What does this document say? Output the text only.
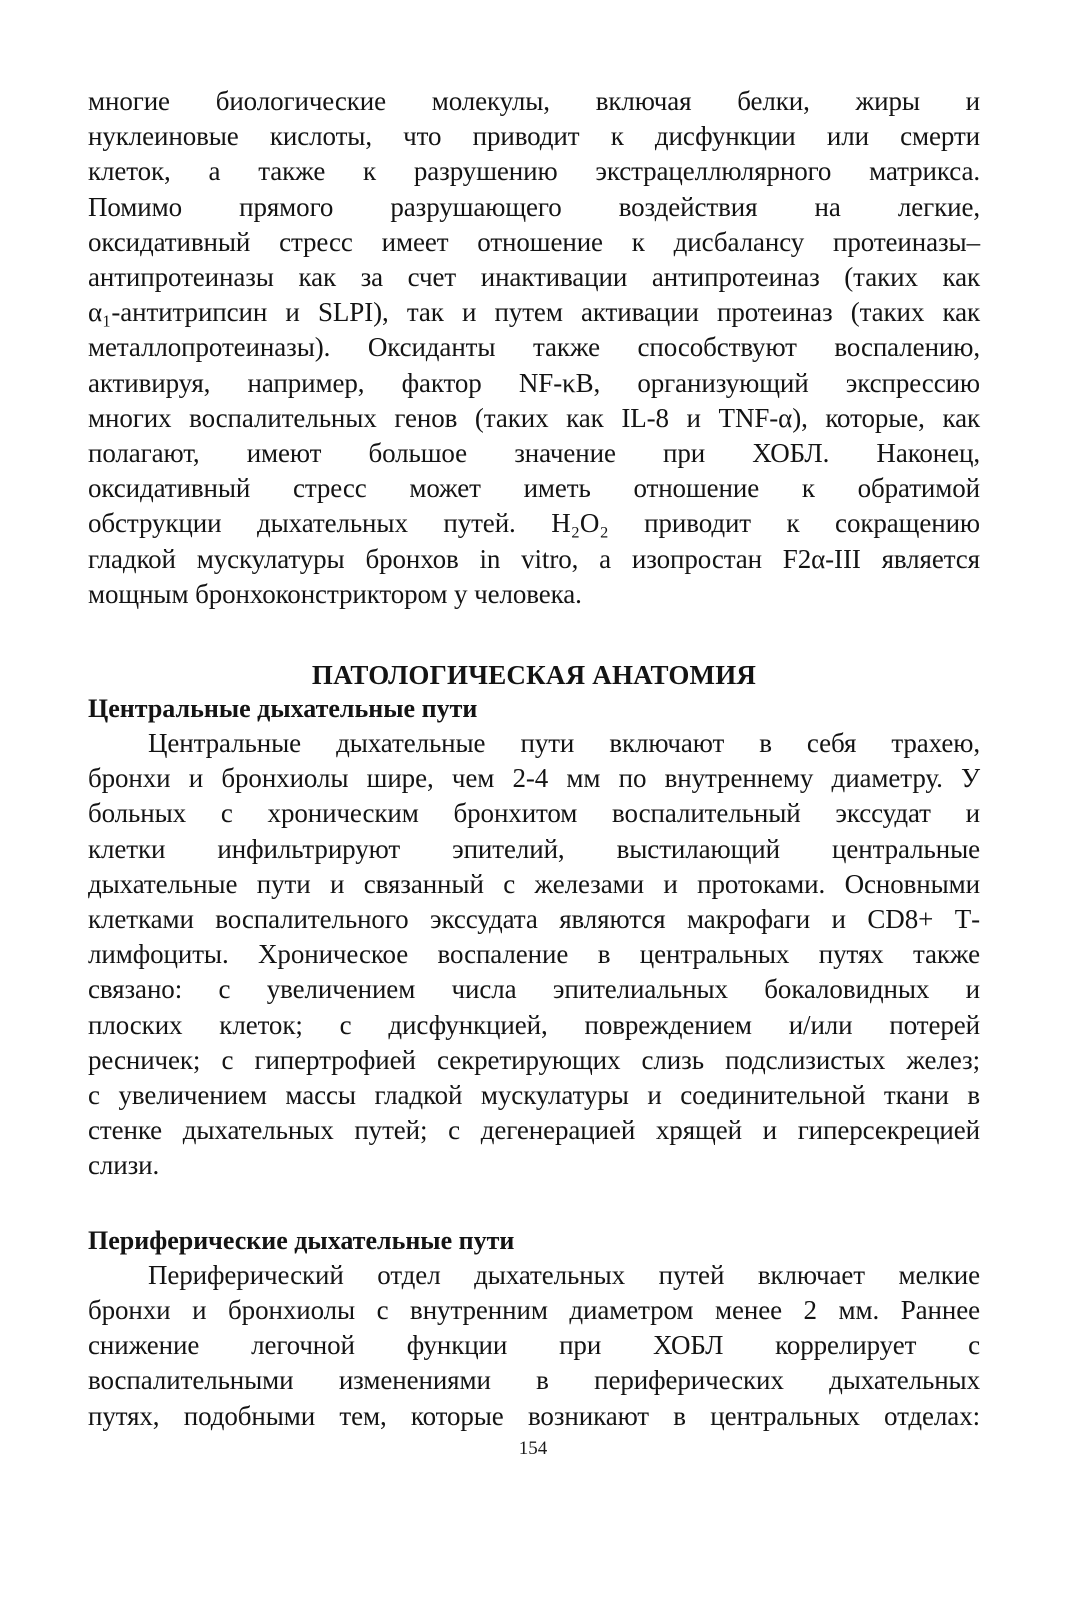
многие биологические молекулы, включая белки, жиры и
нуклеиновые кислоты, что приводит к дисфункции или смерти
клеток, а также к разрушению экстрацеллюлярного матрикса.
Помимо прямого разрушающего воздействия на легкие,
оксидативный стресс имеет отношение к дисбалансу протеиназы–
антипротеиназы как за счет инактивации антипротеиназ (таких как
α₁-антитрипсин и SLPI), так и путем активации протеиназ (таких как
металлопротеиназы). Оксиданты также способствуют воспалению,
активируя, например, фактор NF-κB, организующий экспрессию
многих воспалительных генов (таких как IL-8 и TNF-α), которые, как
полагают, имеют большое значение при ХОБЛ. Наконец,
оксидативный стресс может иметь отношение к обратимой
обструкции дыхательных путей. H₂O₂ приводит к сокращению
гладкой мускулатуры бронхов in vitro, а изопростан F2α-III является
мощным бронхоконстриктором у человека.

ПАТОЛОГИЧЕСКАЯ АНАТОМИЯ
Центральные дыхательные пути

Центральные дыхательные пути включают в себя трахею,
бронхи и бронхиолы шире, чем 2-4 мм по внутреннему диаметру. У
больных с хроническим бронхитом воспалительный экссудат и
клетки инфильтрируют эпителий, выстилающий центральные
дыхательные пути и связанный с железами и протоками. Основными
клетками воспалительного экссудата являются макрофаги и CD8+ Т-
лимфоциты. Хроническое воспаление в центральных путях также
связано: с увеличением числа эпителиальных бокаловидных и
плоских клеток; с дисфункцией, повреждением и/или потерей
ресничек; с гипертрофией секретирующих слизь подслизистых желез;
с увеличением массы гладкой мускулатуры и соединительной ткани в
стенке дыхательных путей; с дегенерацией хрящей и гиперсекрецией
слизи.

Периферические дыхательные пути

Периферический отдел дыхательных путей включает мелкие
бронхи и бронхиолы с внутренним диаметром менее 2 мм. Раннее
снижение легочной функции при ХОБЛ коррелирует с
воспалительными изменениями в периферических дыхательных
путях, подобными тем, которые возникают в центральных отделах:

154
